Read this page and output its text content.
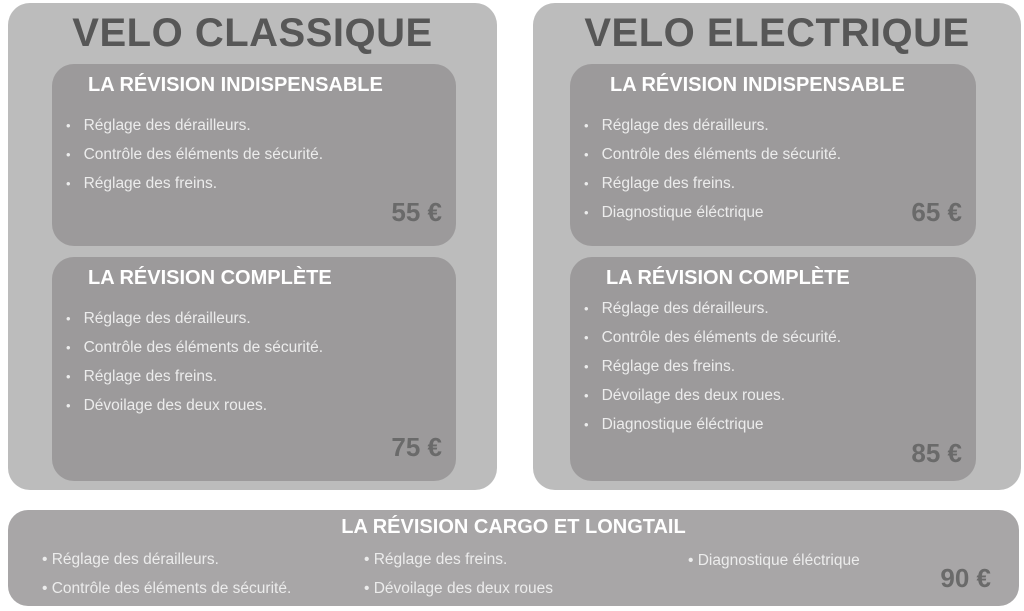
VELO CLASSIQUE
LA RÉVISION INDISPENSABLE
• Réglage des dérailleurs.
• Contrôle des éléments de sécurité.
• Réglage des freins.
55 €
LA RÉVISION COMPLÈTE
• Réglage des dérailleurs.
• Contrôle des éléments de sécurité.
• Réglage des freins.
• Dévoilage des deux roues.
75 €
VELO ELECTRIQUE
LA RÉVISION INDISPENSABLE
• Réglage des dérailleurs.
• Contrôle des éléments de sécurité.
• Réglage des freins.
• Diagnostique éléctrique	65 €
LA RÉVISION COMPLÈTE
• Réglage des dérailleurs.
• Contrôle des éléments de sécurité.
• Réglage des freins.
• Dévoilage des deux roues.
• Diagnostique éléctrique
85 €
LA RÉVISION CARGO ET LONGTAIL
• Réglage des dérailleurs.
• Contrôle des éléments de sécurité.
• Réglage des freins.
• Dévoilage des deux roues
• Diagnostique éléctrique
90 €
